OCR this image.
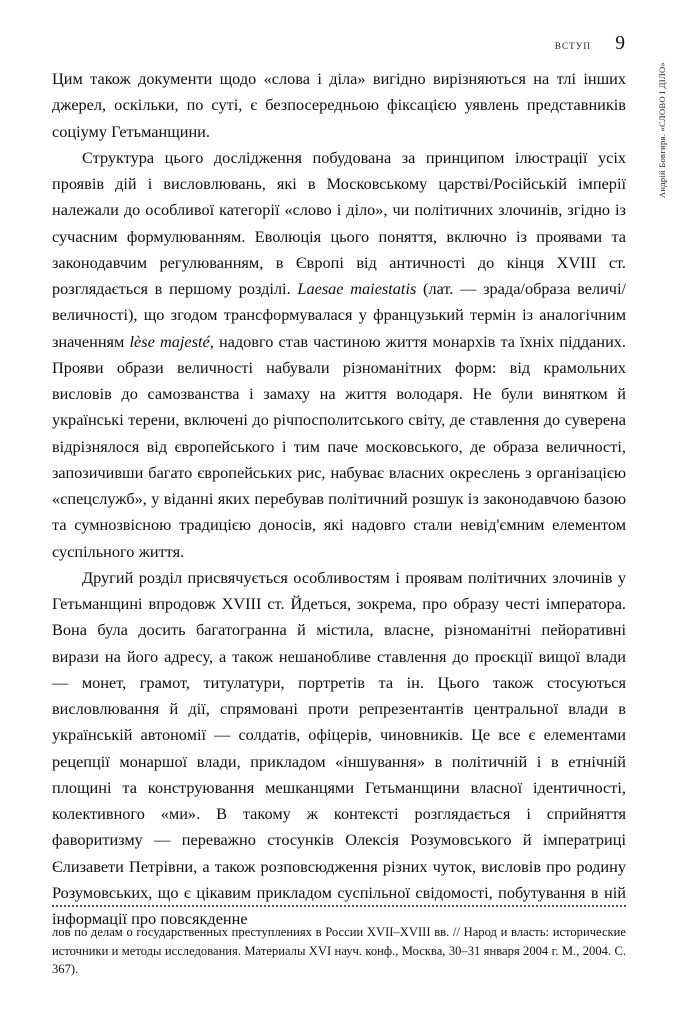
вступ 9
Андрій Бовгиря. «СЛОВО І ДІЛО»

Цим також документи щодо «слова і діла» вигідно вирізняються на тлі інших джерел, оскільки, по суті, є безпосередньою фіксацією уявлень представників соціуму Гетьманщини.

Структура цього дослідження побудована за принципом ілюстрації усіх проявів дій і висловлювань, які в Московському царстві/Російській імперії належали до особливої категорії «слово і діло», чи політичних злочинів, згідно із сучасним формулюванням. Еволюція цього поняття, включно із проявами та законодавчим регулюванням, в Європі від античності до кінця XVIII ст. розглядається в першому розділі. Laesae maiestatis (лат. — зрада/образа величі/величності), що згодом трансформувалася у французький термін із аналогічним значенням lèse majesté, надовго став частиною життя монархів та їхніх підданих. Прояви образи величності набували різноманітних форм: від крамольних висловів до самозванства і замаху на життя володаря. Не були винятком й українські терени, включені до річпосполитського світу, де ставлення до суверена відрізнялося від європейського і тим паче московського, де образа величності, запозичивши багато європейських рис, набуває власних окреслень з організацією «спецслужб», у віданні яких перебував політичний розшук із законодавчою базою та сумнозвісною традицією доносів, які надовго стали невід'ємним елементом суспільного життя.

Другий розділ присвячується особливостям і проявам політичних злочинів у Гетьманщині впродовж XVIII ст. Йдеться, зокрема, про образу честі імператора. Вона була досить багатогранна й містила, власне, різноманітні пейоративні вирази на його адресу, а також нешанобливе ставлення до проєкції вищої влади — монет, грамот, титулатури, портретів та ін. Цього також стосуються висловлювання й дії, спрямовані проти репрезентантів центральної влади в українській автономії — солдатів, офіцерів, чиновників. Це все є елементами рецепції монаршої влади, прикладом «іншування» в політичній і в етнічній площині та конструювання мешканцями Гетьманщини власної ідентичності, колективного «ми». В такому ж контексті розглядається і сприйняття фаворитизму — переважно стосунків Олексія Розумовського й імператриці Єлизавети Петрівни, а також розповсюдження різних чуток, висловів про родину Розумовських, що є цікавим прикладом суспільної свідомості, побутування в ній інформації про повсякденне

лов по делам о государственных преступлениях в России XVII–XVIII вв. // Народ и власть: исторические источники и методы исследования. Материалы XVI науч. конф., Москва, 30–31 января 2004 г. М., 2004. С. 367).
